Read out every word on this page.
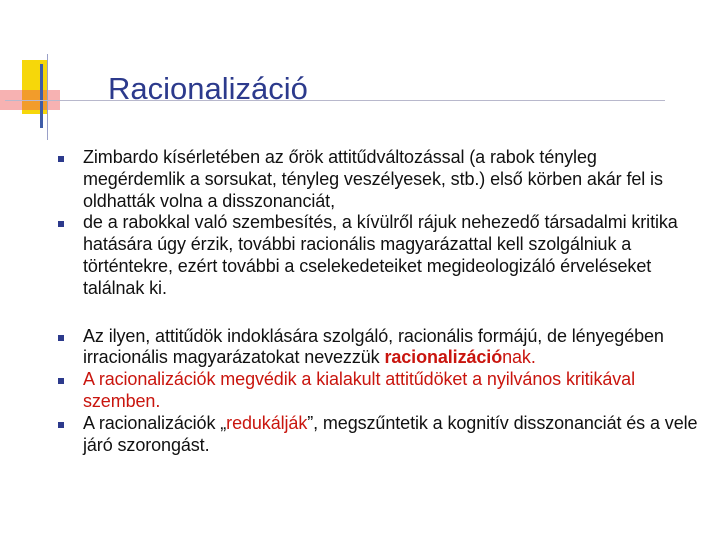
Racionalizáció
Zimbardo kísérletében az őrök attitűdváltozással (a rabok tényleg megérdemlik a sorsukat, tényleg veszélyesek, stb.) első körben akár fel is oldhatták volna a disszonanciát,
de a rabokkal való szembesítés, a kívülről rájuk nehezedő társadalmi kritika hatására úgy érzik, további racionális magyarázattal kell szolgálniuk a történtekre, ezért további a cselekedeteiket megideologizáló érveléseket találnak ki.
Az ilyen, attitűdök indoklására szolgáló, racionális formájú, de lényegében irracionális magyarázatokat nevezzük racionalizációnak.
A racionalizációk megvédik a kialakult attitűdöket a nyilvános kritikával szemben.
A racionalizációk „redukálják”, megszűntetik a kognitív disszonanciát és a vele járó szorongást.
